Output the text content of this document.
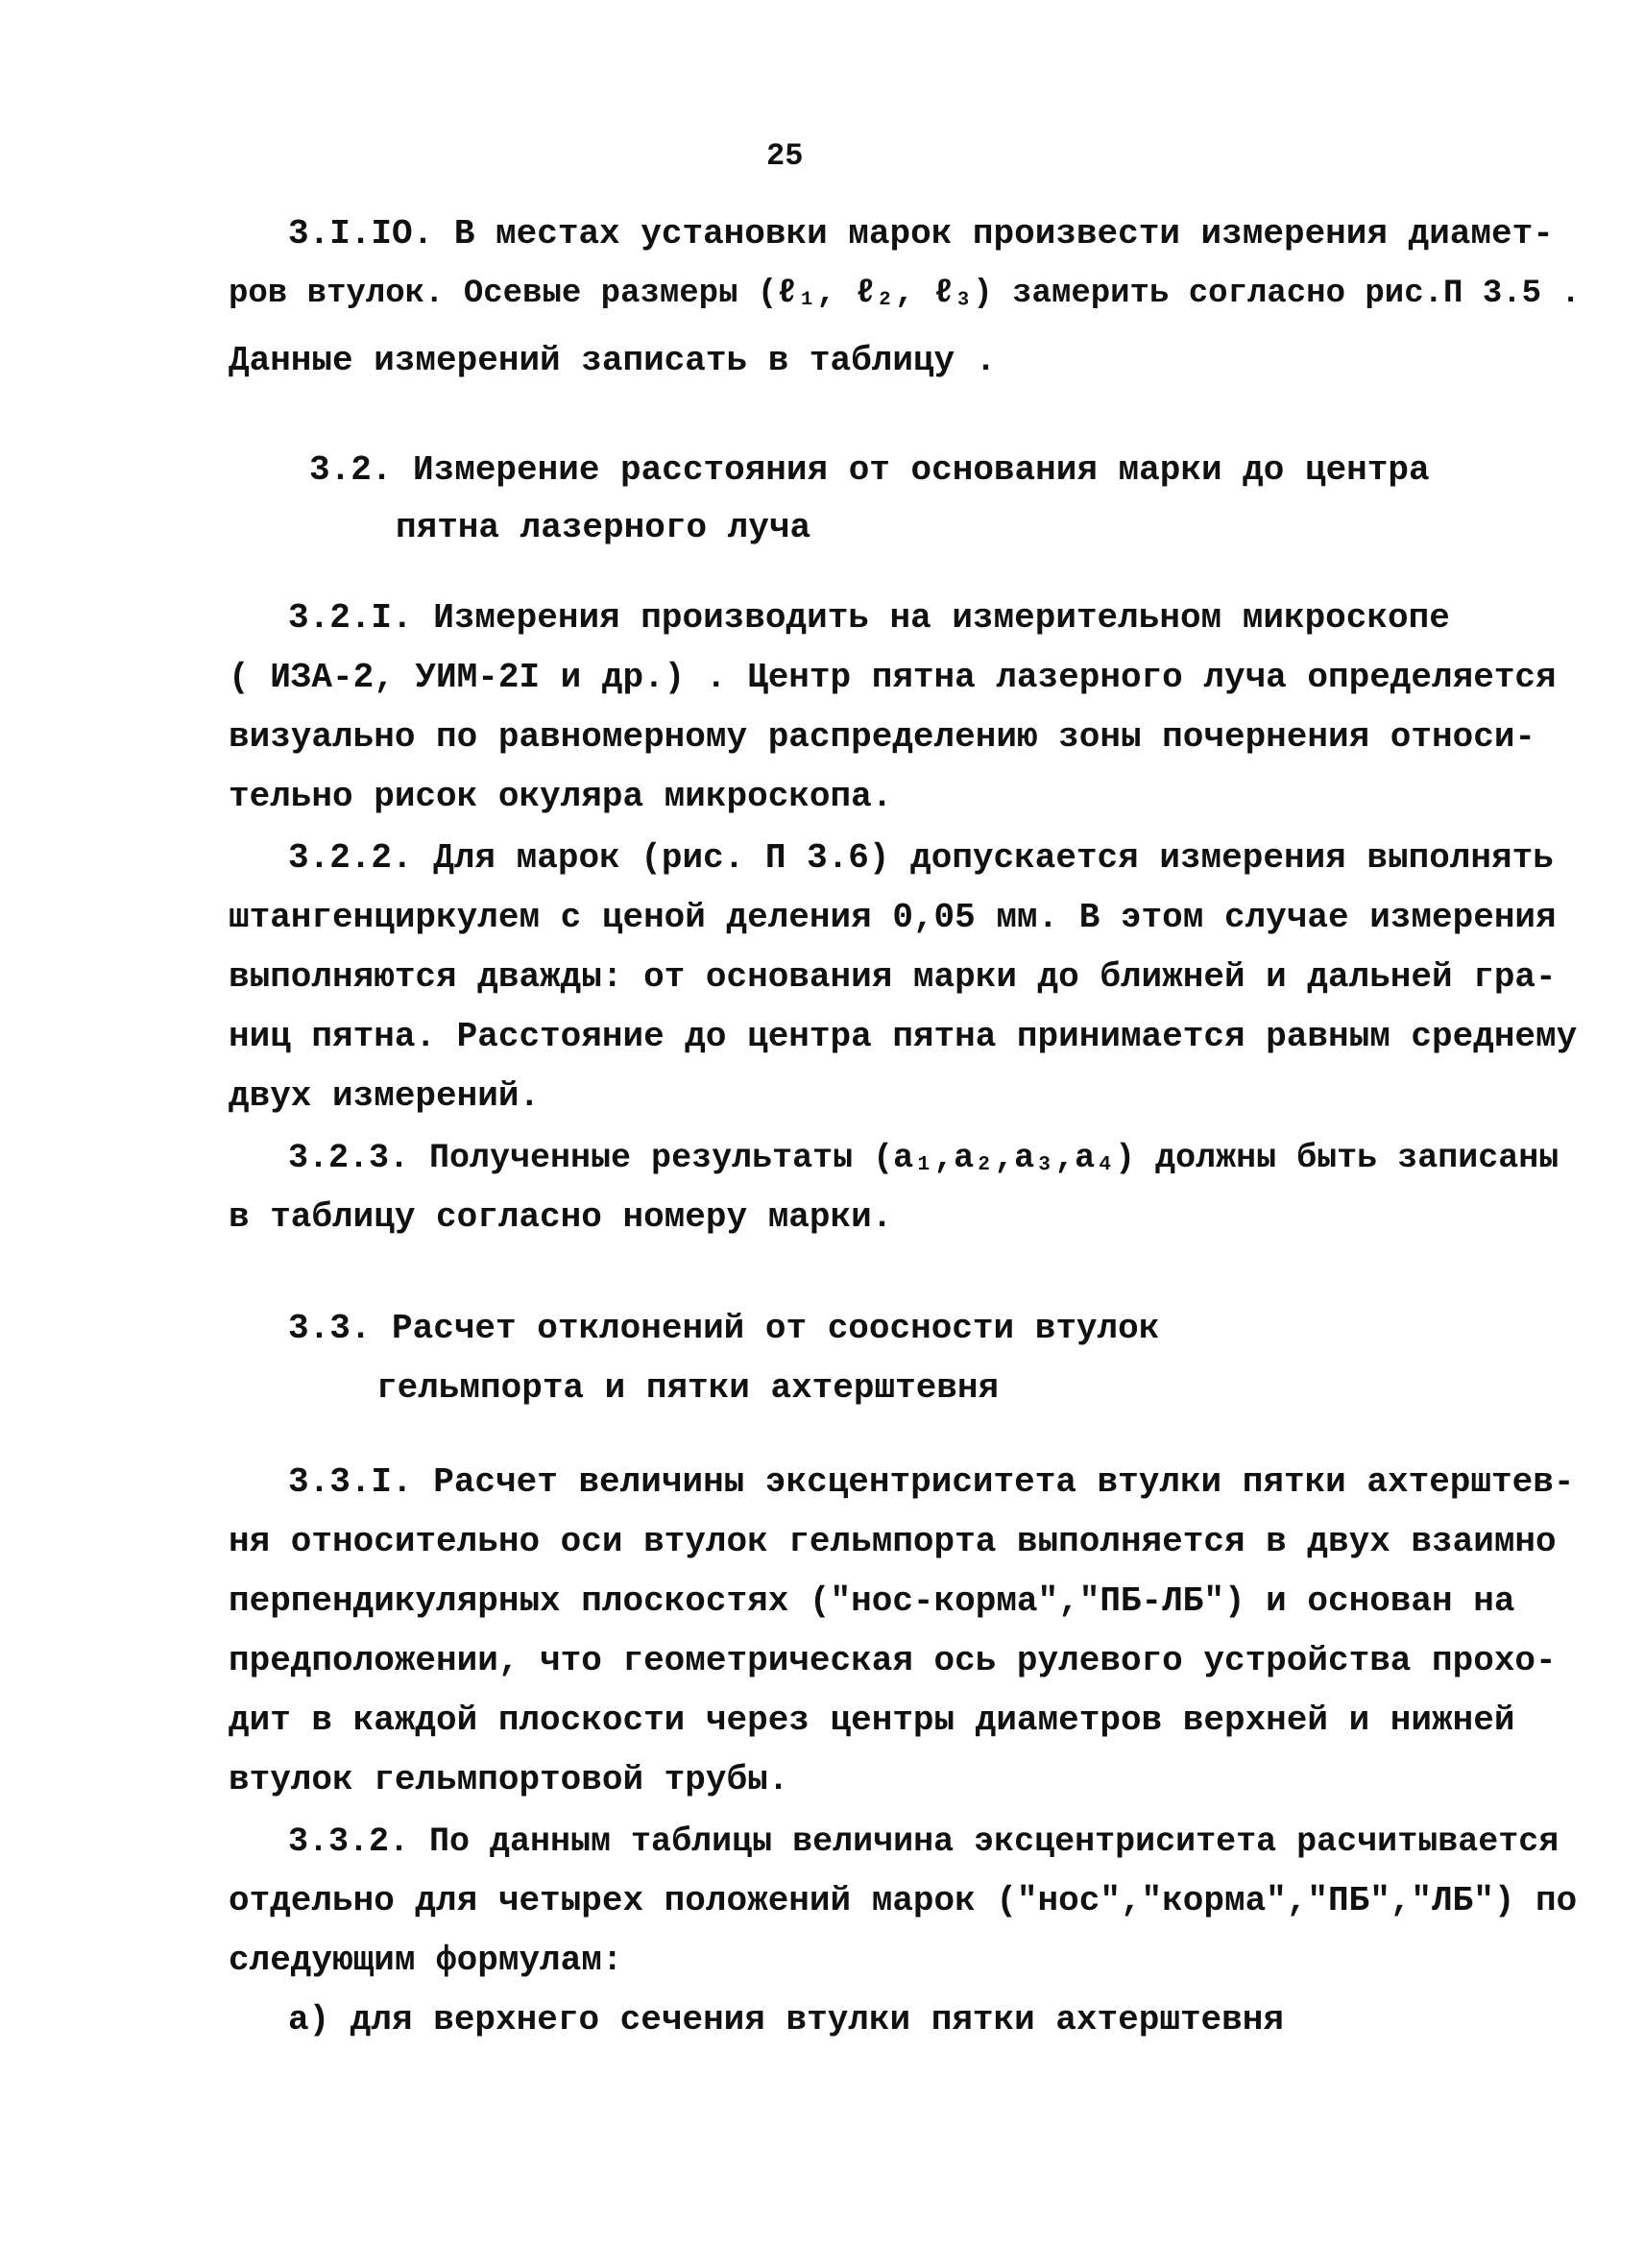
25
3.I.IO. В местах установки марок произвести измерения диамет-
ров втулок. Осевые размеры (ℓ₁, ℓ₂, ℓ₃) замерить согласно рис.П 3.5 .
Данные измерений записать в таблицу .
3.2. Измерение расстояния от основания марки до центра
пятна лазерного луча
3.2.I. Измерения производить на измерительном микроскопе
( ИЗА-2, УИМ-2I и др.) . Центр пятна лазерного луча определяется
визуально по равномерному распределению зоны почернения относи-
тельно рисок окуляра микроскопа.
3.2.2. Для марок (рис. П 3.6) допускается измерения выполнять
штангенциркулем с ценой деления 0,05 мм. В этом случае измерения
выполняются дважды: от основания марки до ближней и дальней гра-
ниц пятна. Расстояние до центра пятна принимается равным среднему
двух измерений.
3.2.3. Полученные результаты (a₁,a₂,a₃,a₄) должны быть записаны
в таблицу согласно номеру марки.
3.3. Расчет отклонений от соосности втулок
гельмпорта и пятки ахтерштевня
3.3.I. Расчет величины эксцентриситета втулки пятки ахтерштев-
ня относительно оси втулок гельмпорта выполняется в двух взаимно
перпендикулярных плоскостях ("нос-корма","ПБ-ЛБ") и основан на
предположении, что геометрическая ось рулевого устройства прохо-
дит в каждой плоскости через центры диаметров верхней и нижней
втулок гельмпортовой трубы.
3.3.2. По данным таблицы величина эксцентриситета расчитывается
отдельно для четырех положений марок ("нос","корма","ПБ","ЛБ") по
следующим формулам:
а) для верхнего сечения втулки пятки ахтерштевня
